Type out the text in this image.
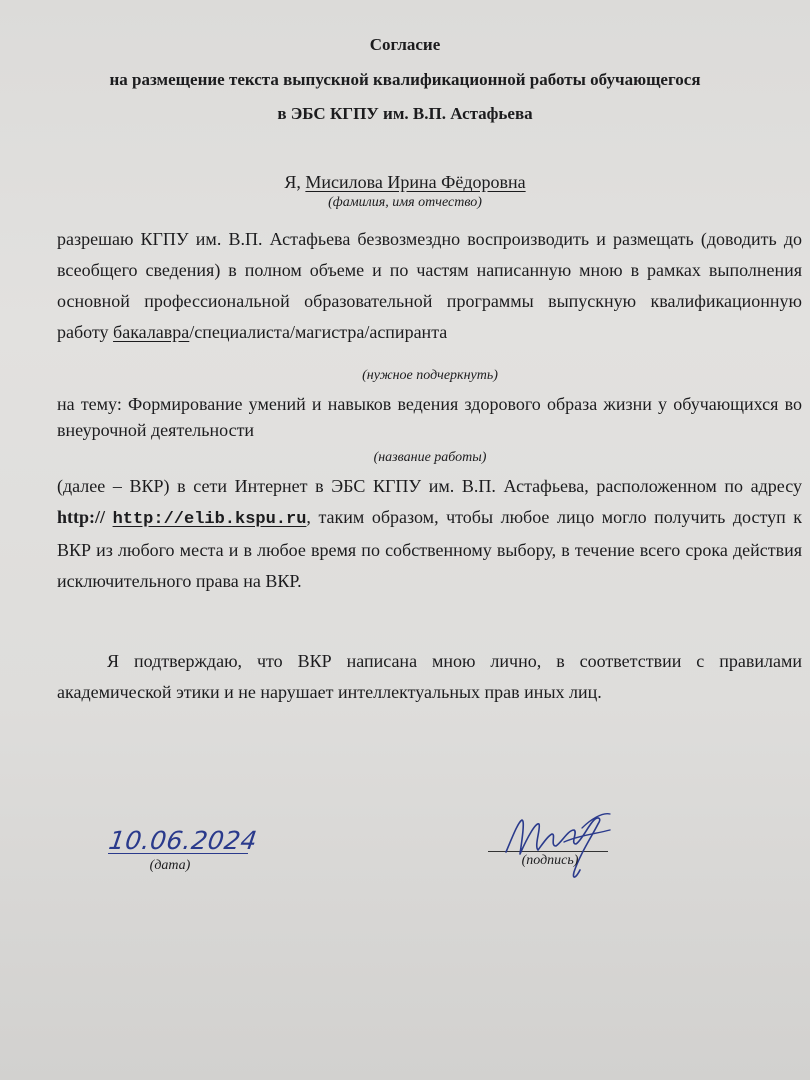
Согласие
на размещение текста выпускной квалификационной работы обучающегося
в ЭБС КГПУ им. В.П. Астафьева
Я, Мисилова Ирина Фёдоровна
(фамилия, имя отчество)
разрешаю КГПУ им. В.П. Астафьева безвозмездно воспроизводить и размещать (доводить до всеобщего сведения) в полном объеме и по частям написанную мною в рамках выполнения основной профессиональной образовательной программы выпускную квалификационную работу бакалавра/специалиста/магистра/аспиранта
(нужное подчеркнуть)
на тему: Формирование умений и навыков ведения здорового образа жизни у обучающихся во внеурочной деятельности
(название работы)
(далее – ВКР) в сети Интернет в ЭБС КГПУ им. В.П. Астафьева, расположенном по адресу http:// http://elib.kspu.ru, таким образом, чтобы любое лицо могло получить доступ к ВКР из любого места и в любое время по собственному выбору, в течение всего срока действия исключительного права на ВКР.
Я подтверждаю, что ВКР написана мною лично, в соответствии с правилами академической этики и не нарушает интеллектуальных прав иных лиц.
10.06.2024
(дата)	(подпись)
